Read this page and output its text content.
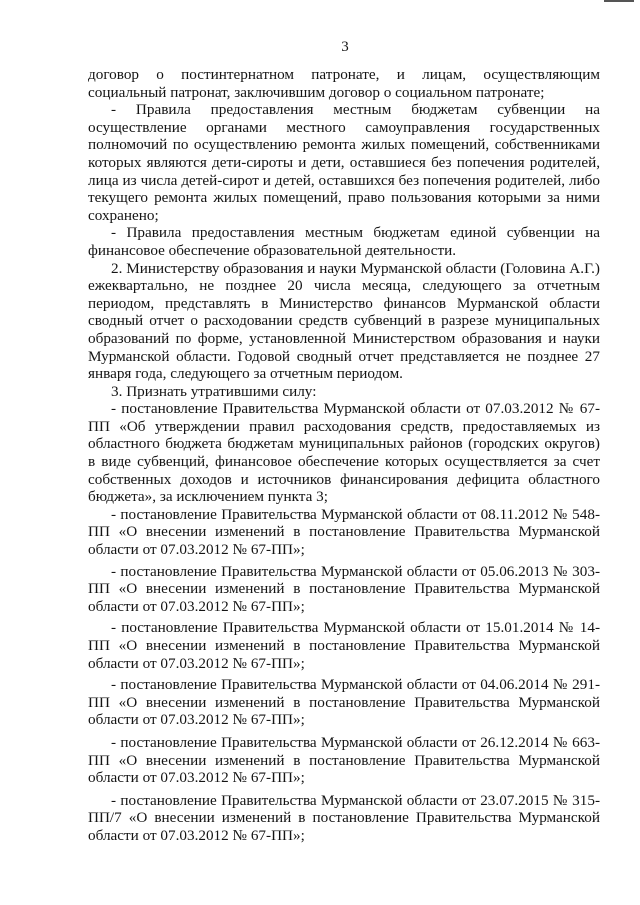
3

договор о постинтернатном патронате, и лицам, осуществляющим социальный патронат, заключившим договор о социальном патронате;

- Правила предоставления местным бюджетам субвенции на осуществление органами местного самоуправления государственных полномочий по осуществлению ремонта жилых помещений, собственниками которых являются дети-сироты и дети, оставшиеся без попечения родителей, лица из числа детей-сирот и детей, оставшихся без попечения родителей, либо текущего ремонта жилых помещений, право пользования которыми за ними сохранено;

- Правила предоставления местным бюджетам единой субвенции на финансовое обеспечение образовательной деятельности.

2. Министерству образования и науки Мурманской области (Головина А.Г.) ежеквартально, не позднее 20 числа месяца, следующего за отчетным периодом, представлять в Министерство финансов Мурманской области сводный отчет о расходовании средств субвенций в разрезе муниципальных образований по форме, установленной Министерством образования и науки Мурманской области. Годовой сводный отчет представляется не позднее 27 января года, следующего за отчетным периодом.

3. Признать утратившими силу:

- постановление Правительства Мурманской области от 07.03.2012 № 67-ПП «Об утверждении правил расходования средств, предоставляемых из областного бюджета бюджетам муниципальных районов (городских округов) в виде субвенций, финансовое обеспечение которых осуществляется за счет собственных доходов и источников финансирования дефицита областного бюджета», за исключением пункта 3;

- постановление Правительства Мурманской области от 08.11.2012 № 548-ПП «О внесении изменений в постановление Правительства Мурманской области от 07.03.2012 № 67-ПП»;

- постановление Правительства Мурманской области от 05.06.2013 № 303-ПП «О внесении изменений в постановление Правительства Мурманской области от 07.03.2012 № 67-ПП»;

- постановление Правительства Мурманской области от 15.01.2014 № 14-ПП «О внесении изменений в постановление Правительства Мурманской области от 07.03.2012 № 67-ПП»;

- постановление Правительства Мурманской области от 04.06.2014 № 291-ПП «О внесении изменений в постановление Правительства Мурманской области от 07.03.2012 № 67-ПП»;

- постановление Правительства Мурманской области от 26.12.2014 № 663-ПП «О внесении изменений в постановление Правительства Мурманской области от 07.03.2012 № 67-ПП»;

- постановление Правительства Мурманской области от 23.07.2015 № 315-ПП/7 «О внесении изменений в постановление Правительства Мурманской области от 07.03.2012 № 67-ПП»;
